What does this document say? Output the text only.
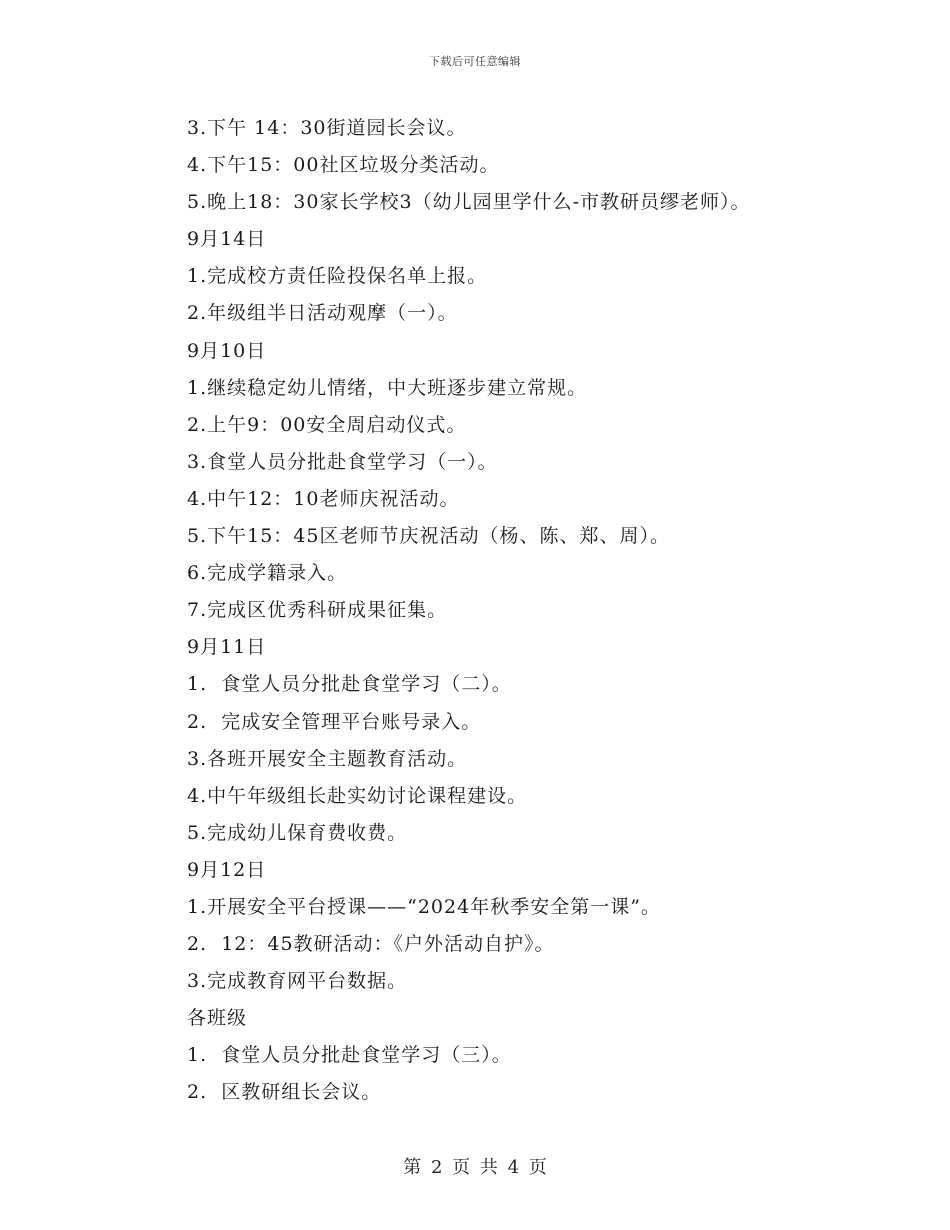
下载后可任意编辑
3.下午 14：30街道园长会议。
4.下午15：00社区垃圾分类活动。
5.晚上18：30家长学校3（幼儿园里学什么-市教研员缪老师）。
9月14日
1.完成校方责任险投保名单上报。
2.年级组半日活动观摩（一）。
9月10日
1.继续稳定幼儿情绪，中大班逐步建立常规。
2.上午9：00安全周启动仪式。
3.食堂人员分批赴食堂学习（一）。
4.中午12：10老师庆祝活动。
5.下午15：45区老师节庆祝活动（杨、陈、郑、周）。
6.完成学籍录入。
7.完成区优秀科研成果征集。
9月11日
1.  食堂人员分批赴食堂学习（二）。
2.  完成安全管理平台账号录入。
3.各班开展安全主题教育活动。
4.中午年级组长赴实幼讨论课程建设。
5.完成幼儿保育费收费。
9月12日
1.开展安全平台授课——“2024年秋季安全第一课”。
2.  12：45教研活动：《户外活动自护》。
3.完成教育网平台数据。
各班级
1.  食堂人员分批赴食堂学习（三）。
2.  区教研组长会议。
第 2 页 共 4 页
